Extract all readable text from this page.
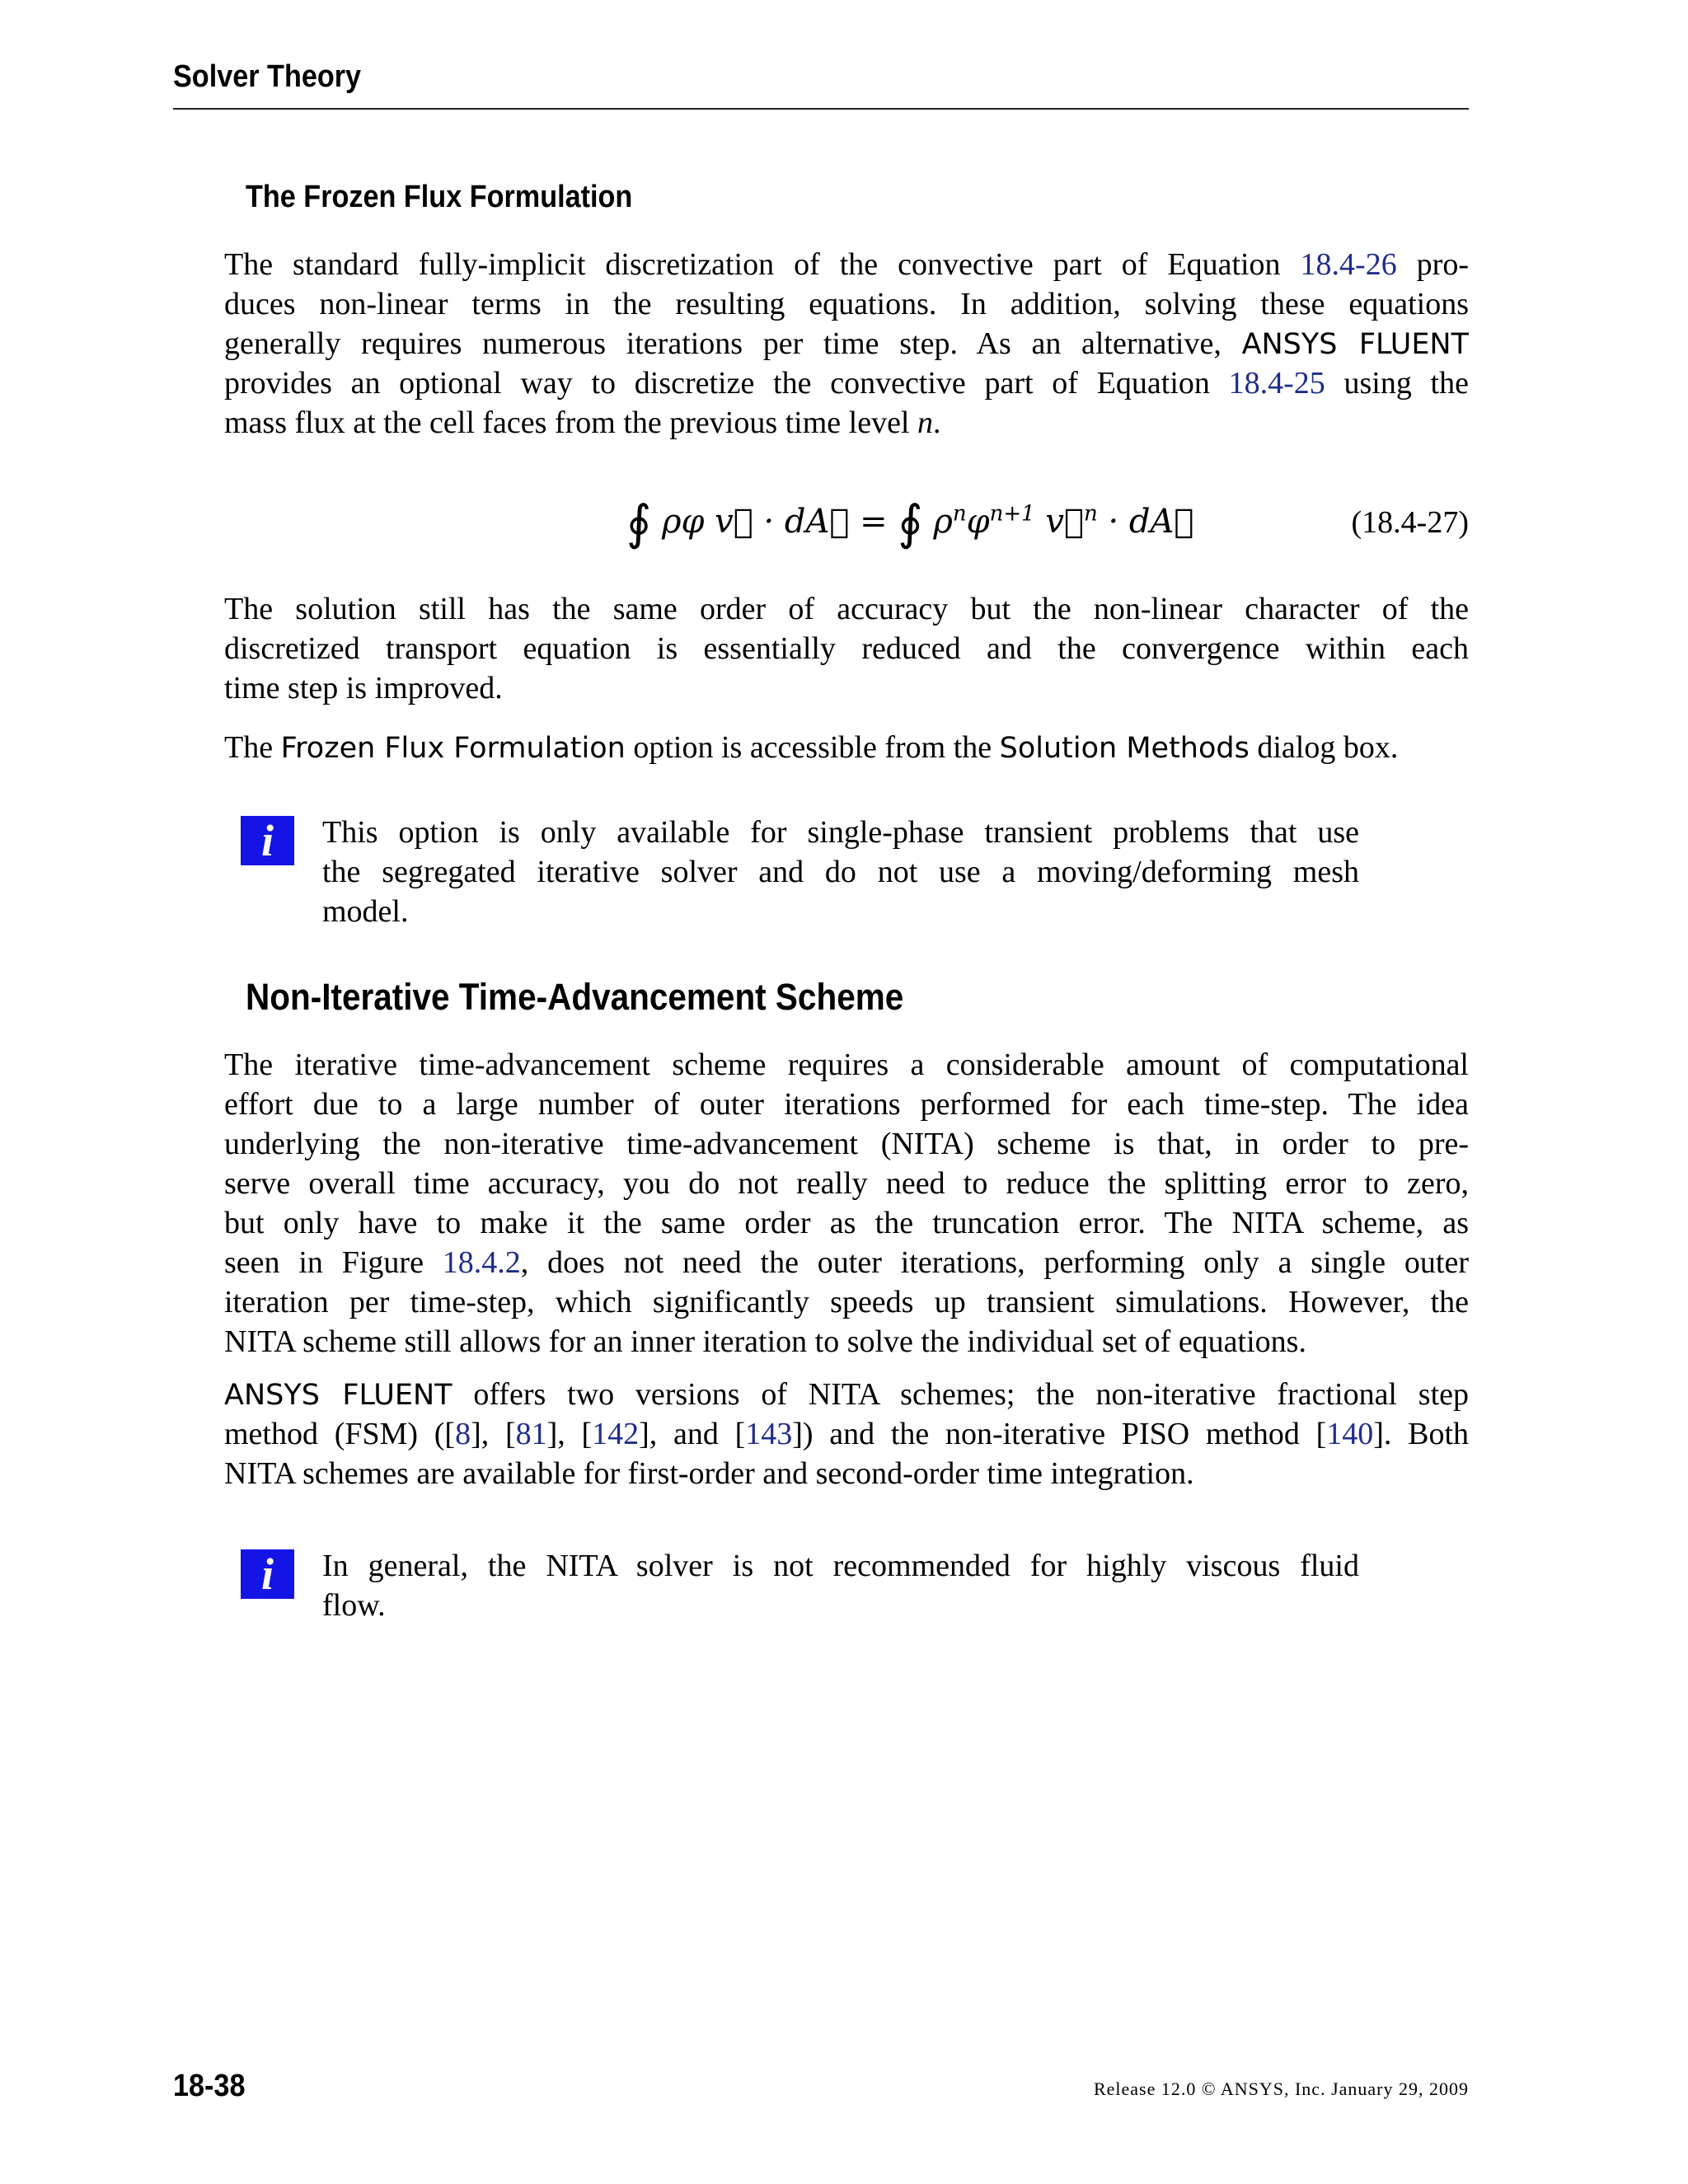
Solver Theory
The Frozen Flux Formulation
The standard fully-implicit discretization of the convective part of Equation 18.4-26 pro-
duces non-linear terms in the resulting equations. In addition, solving these equations
generally requires numerous iterations per time step. As an alternative, ANSYS FLUENT
provides an optional way to discretize the convective part of Equation 18.4-25 using the
mass flux at the cell faces from the previous time level n.
∮ ρφ v⃗ · dA⃗ = ∮ $\rho^n\varphi^{n+1}$ v⃗$^n$ · dA⃗	(18.4-27)
The solution still has the same order of accuracy but the non-linear character of the
discretized transport equation is essentially reduced and the convergence within each
time step is improved.
The Frozen Flux Formulation option is accessible from the Solution Methods dialog box.
i	This option is only available for single-phase transient problems that use
the segregated iterative solver and do not use a moving/deforming mesh
model.
Non-Iterative Time-Advancement Scheme
The iterative time-advancement scheme requires a considerable amount of computational
effort due to a large number of outer iterations performed for each time-step. The idea
underlying the non-iterative time-advancement (NITA) scheme is that, in order to pre-
serve overall time accuracy, you do not really need to reduce the splitting error to zero,
but only have to make it the same order as the truncation error. The NITA scheme, as
seen in Figure 18.4.2, does not need the outer iterations, performing only a single outer
iteration per time-step, which significantly speeds up transient simulations. However, the
NITA scheme still allows for an inner iteration to solve the individual set of equations.
ANSYS FLUENT offers two versions of NITA schemes; the non-iterative fractional step
method (FSM) ([8], [81], [142], and [143]) and the non-iterative PISO method [140]. Both
NITA schemes are available for first-order and second-order time integration.
i	In general, the NITA solver is not recommended for highly viscous fluid
flow.
18-38	Release 12.0 © ANSYS, Inc. January 29, 2009
